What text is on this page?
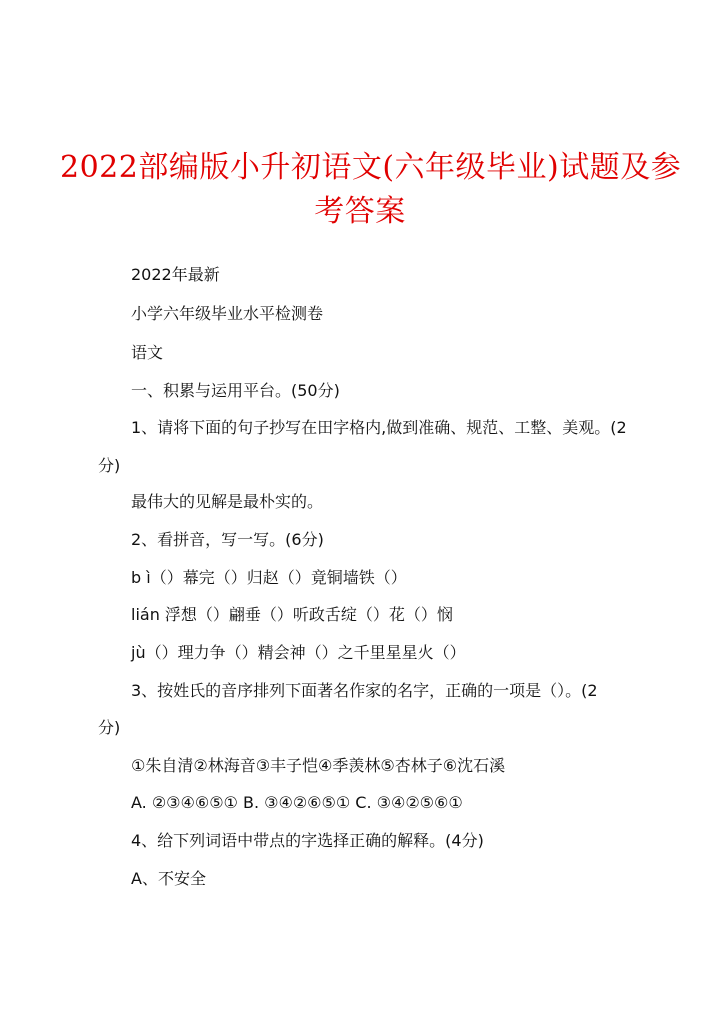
2022部编版小升初语文(六年级毕业)试题及参
考答案
2022年最新
小学六年级毕业水平检测卷
语文
一、积累与运用平台。(50分)
1、请将下面的句子抄写在田字格内,做到准确、规范、工整、美观。(2
分)
最伟大的见解是最朴实的。
2、看拼音，写一写。(6分)
b ì（）幕完（）归赵（）竟铜墙铁（）
lián 浮想（）翩垂（）听政舌绽（）花（）悯
jù（）理力争（）精会神（）之千里星星火（）
3、按姓氏的音序排列下面著名作家的名字，正确的一项是（）。(2
分)
①朱自清②林海音③丰子恺④季羡林⑤杏林子⑥沈石溪
A. ②③④⑥⑤① B. ③④②⑥⑤① C. ③④②⑤⑥①
4、给下列词语中带点的字选择正确的解释。(4分)
A、不安全
